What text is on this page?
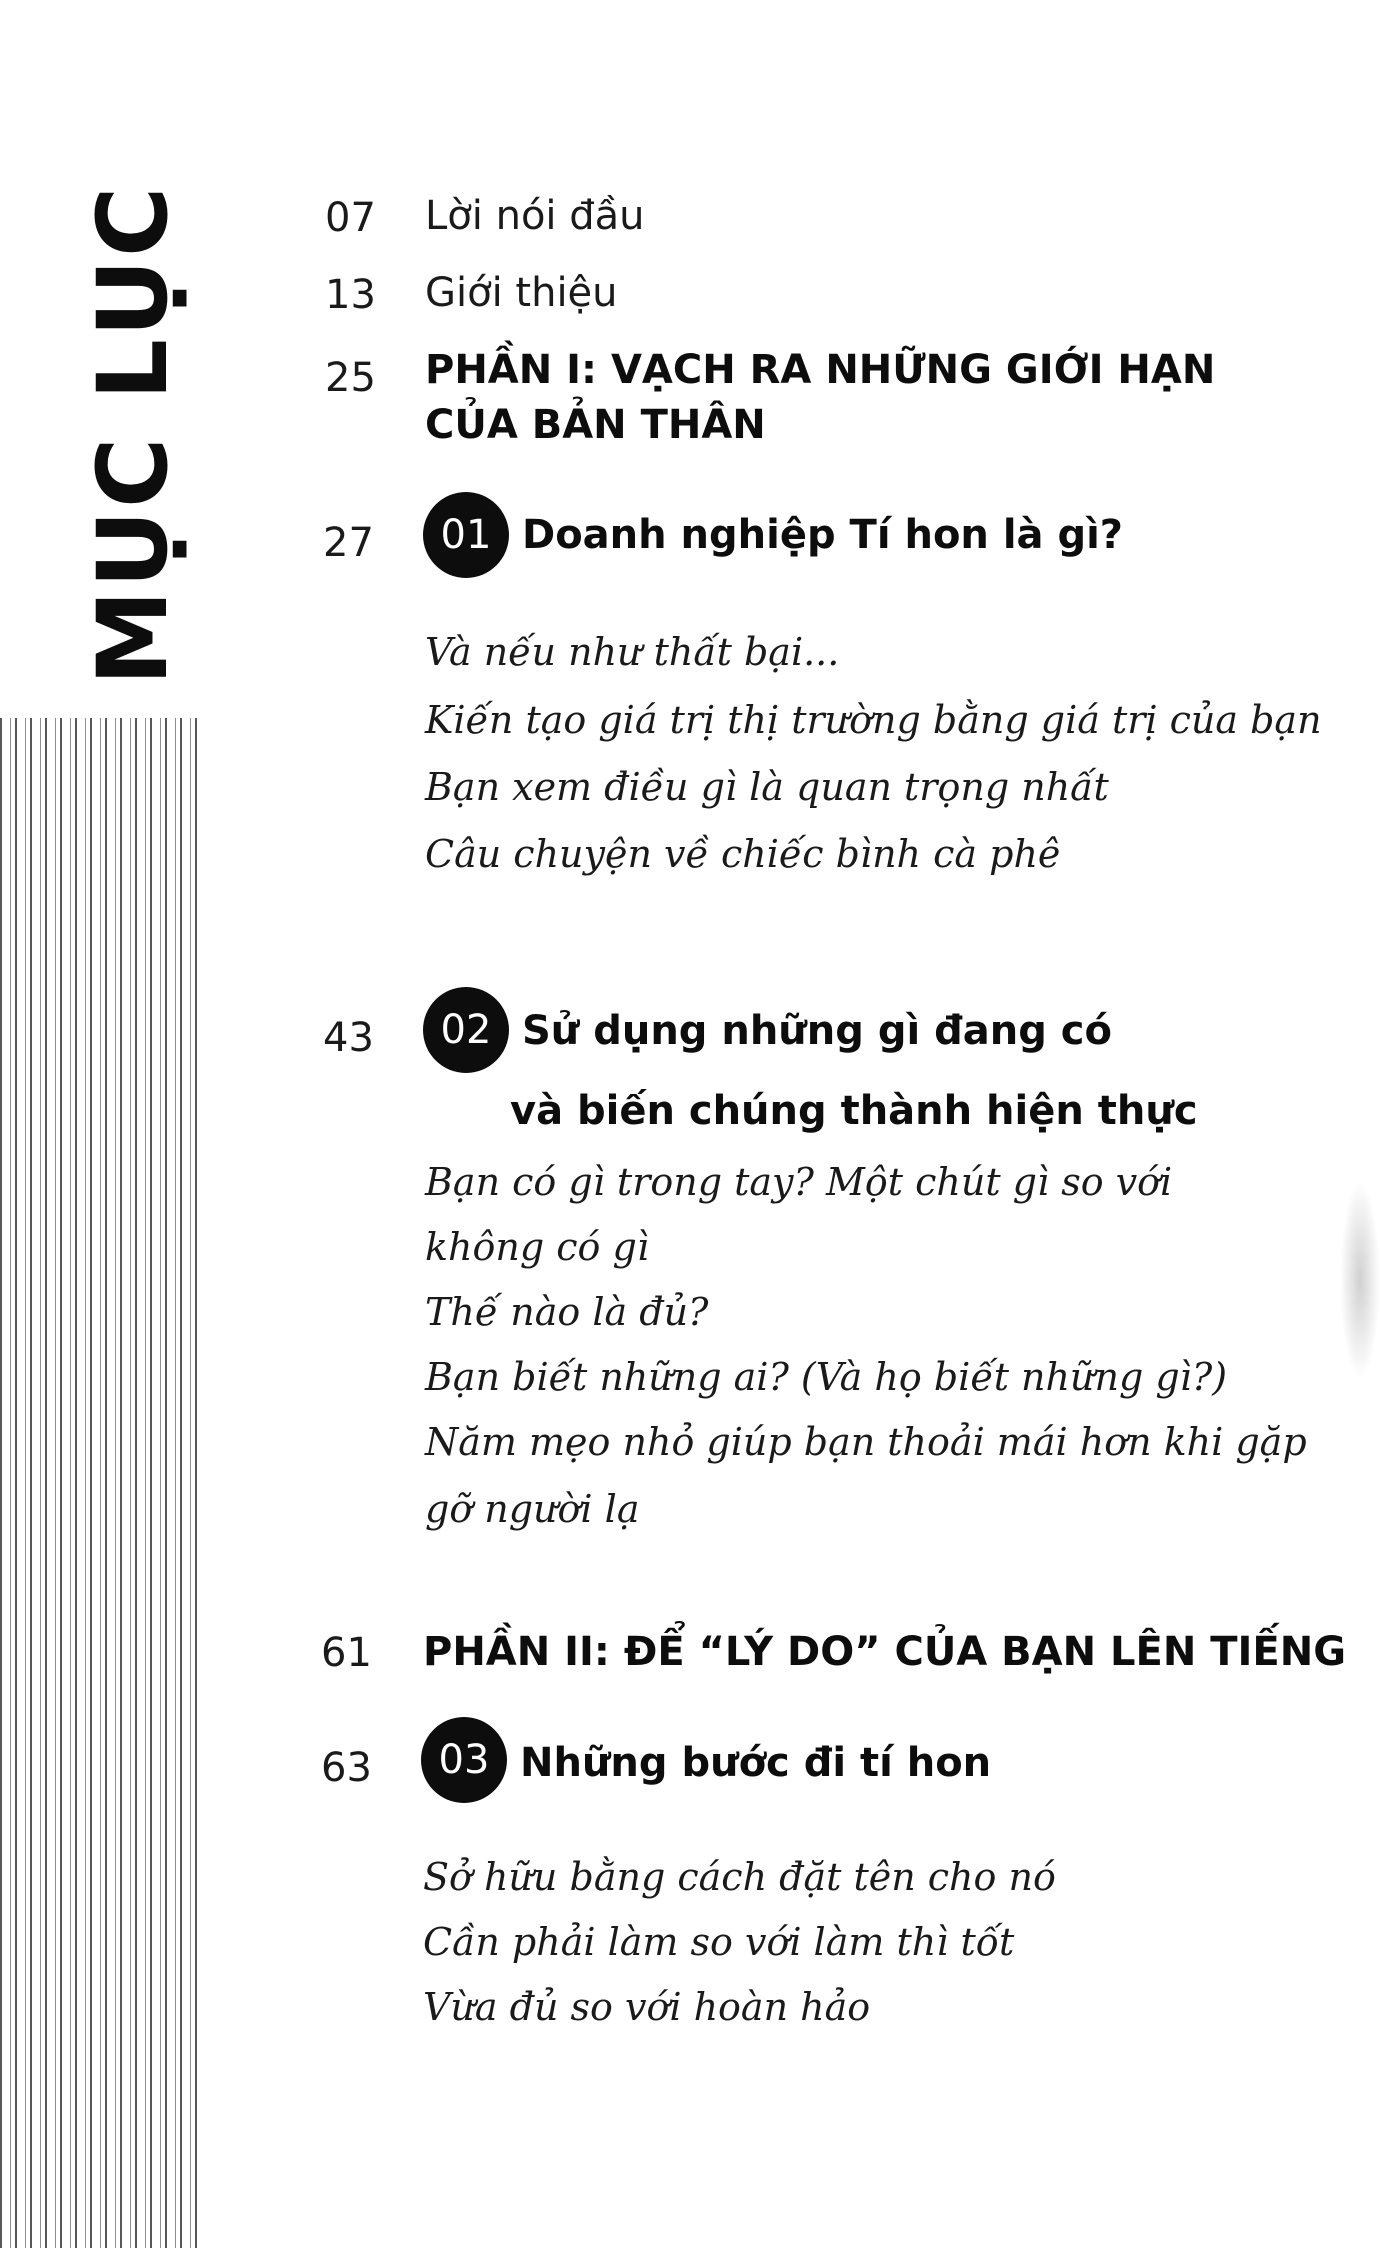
MỤC LỤC	07 Lời nói đầu
13 Giới thiệu
25 PHẦN I: VẠCH RA NHỮNG GIỚI HẠN
CỦA BẢN THÂN
27	01 Doanh nghiệp Tí hon là gì?
Và nếu như thất bại...
Kiến tạo giá trị thị trường bằng giá trị của bạn
Bạn xem điều gì là quan trọng nhất
Câu chuyện về chiếc bình cà phê
43	02 Sử dụng những gì đang có
và biến chúng thành hiện thực
Bạn có gì trong tay? Một chút gì so với
không có gì
Thế nào là đủ?
Bạn biết những ai? (Và họ biết những gì?)
Năm mẹo nhỏ giúp bạn thoải mái hơn khi gặp
gỡ người lạ
61 PHẦN II: ĐỂ “LÝ DO” CỦA BẠN LÊN TIẾNG
63	03 Những bước đi tí hon
Sở hữu bằng cách đặt tên cho nó
Cần phải làm so với làm thì tốt
Vừa đủ so với hoàn hảo
